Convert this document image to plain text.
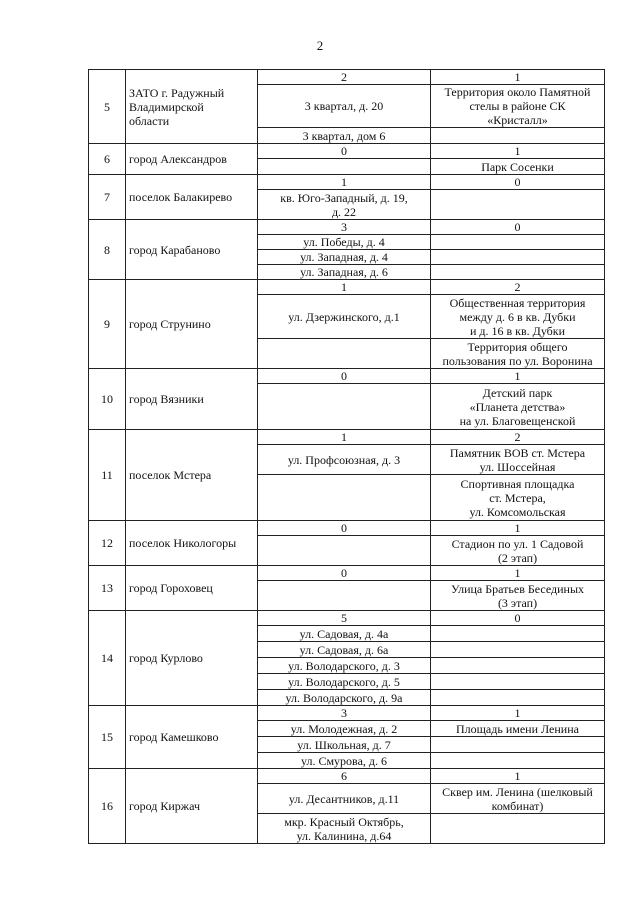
2
5	ЗАТО г. Радужный
Владимирской
области	2	1
		3 квартал, д. 20	Территория около Памятной
стелы в районе СК
«Кристалл»
		3 квартал, дом 6	
6	город Александров	0	1
			Парк Сосенки
7	поселок Балакирево	1	0
		кв. Юго-Западный, д. 19,
д. 22	
8	город Карабаново	3	0
		ул. Победы, д. 4	
		ул. Западная, д. 4	
		ул. Западная, д. 6	
9	город Струнино	1	2
		ул. Дзержинского, д.1	Общественная территория
между д. 6 в кв. Дубки
и д. 16 в кв. Дубки
			Территория общего
пользования по ул. Воронина
10	город Вязники	0	1
			Детский парк
«Планета детства»
на ул. Благовещенской
11	поселок Мстера	1	2
		ул. Профсоюзная, д. 3	Памятник ВОВ ст. Мстера
ул. Шоссейная
			Спортивная площадка
ст. Мстера,
ул. Комсомольская
12	поселок Никологоры	0	1
			Стадион по ул. 1 Садовой
(2 этап)
13	город Гороховец	0	1
			Улица Братьев Бесединых
(3 этап)
14	город Курлово	5	0
		ул. Садовая, д. 4а	
		ул. Садовая, д. 6а	
		ул. Володарского, д. 3	
		ул. Володарского, д. 5	
		ул. Володарского, д. 9а	
15	город Камешково	3	1
		ул. Молодежная, д. 2	Площадь имени Ленина
		ул. Школьная, д. 7	
		ул. Смурова, д. 6	
16	город Киржач	6	1
		ул. Десантников, д.11	Сквер им. Ленина (шелковый
комбинат)
		мкр. Красный Октябрь,
ул. Калинина, д.64	
